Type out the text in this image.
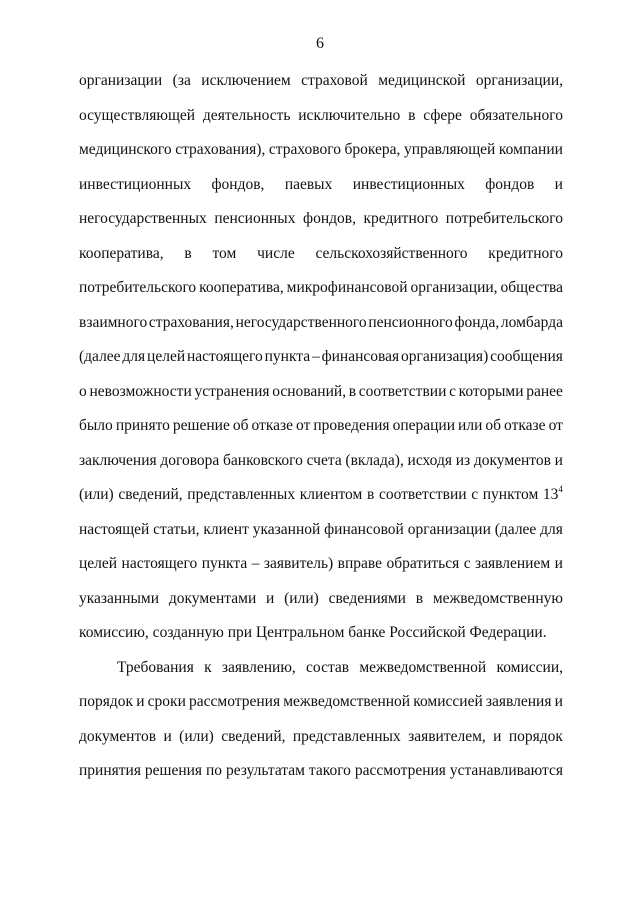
6
организации (за исключением страховой медицинской организации,
осуществляющей деятельность исключительно в сфере обязательного
медицинского страхования), страхового брокера, управляющей компании
инвестиционных фондов, паевых инвестиционных фондов и
негосударственных пенсионных фондов, кредитного потребительского
кооператива, в том числе сельскохозяйственного кредитного
потребительского кооператива, микрофинансовой организации, общества
взаимного страхования, негосударственного пенсионного фонда, ломбарда
(далее для целей настоящего пункта – финансовая организация) сообщения
о невозможности устранения оснований, в соответствии с которыми ранее
было принято решение об отказе от проведения операции или об отказе от
заключения договора банковского счета (вклада), исходя из документов и
(или) сведений, представленных клиентом в соответствии с пунктом $13^4$
настоящей статьи, клиент указанной финансовой организации (далее для
целей настоящего пункта – заявитель) вправе обратиться с заявлением и
указанными документами и (или) сведениями в межведомственную
комиссию, созданную при Центральном банке Российской Федерации.
Требования к заявлению, состав межведомственной комиссии,
порядок и сроки рассмотрения межведомственной комиссией заявления и
документов и (или) сведений, представленных заявителем, и порядок
принятия решения по результатам такого рассмотрения устанавливаются
